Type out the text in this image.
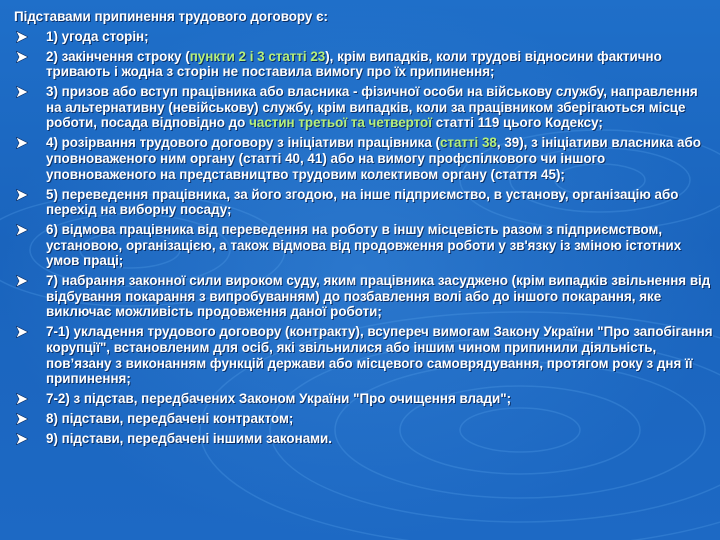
Підставами припинення трудового договору є:
1) угода сторін;
2) закінчення строку (пункти 2 і 3 статті 23), крім випадків, коли трудові відносини фактично тривають і жодна з сторін не поставила вимогу про їх припинення;
3) призов або вступ працівника або власника - фізичної особи на військову службу, направлення на альтернативну (невійськову) службу, крім випадків, коли за працівником зберігаються місце роботи, посада відповідно до частин третьої та четвертої статті 119 цього Кодексу;
4) розірвання трудового договору з ініціативи працівника (статті 38, 39), з ініціативи власника або уповноваженого ним органу (статті 40, 41) або на вимогу профспілкового чи іншого уповноваженого на представництво трудовим колективом органу (стаття 45);
5) переведення працівника, за його згодою, на інше підприємство, в установу, організацію або перехід на виборну посаду;
6) відмова працівника від переведення на роботу в іншу місцевість разом з підприємством, установою, організацією, а також відмова від продовження роботи у зв'язку із зміною істотних умов праці;
7) набрання законної сили вироком суду, яким працівника засуджено (крім випадків звільнення від відбування покарання з випробуванням) до позбавлення волі або до іншого покарання, яке виключає можливість продовження даної роботи;
7-1) укладення трудового договору (контракту), всупереч вимогам Закону України "Про запобігання корупції", встановленим для осіб, які звільнилися або іншим чином припинили діяльність, пов’язану з виконанням функцій держави або місцевого самоврядування, протягом року з дня її припинення;
7-2) з підстав, передбачених Законом України "Про очищення влади";
8) підстави, передбачені контрактом;
9) підстави, передбачені іншими законами.
